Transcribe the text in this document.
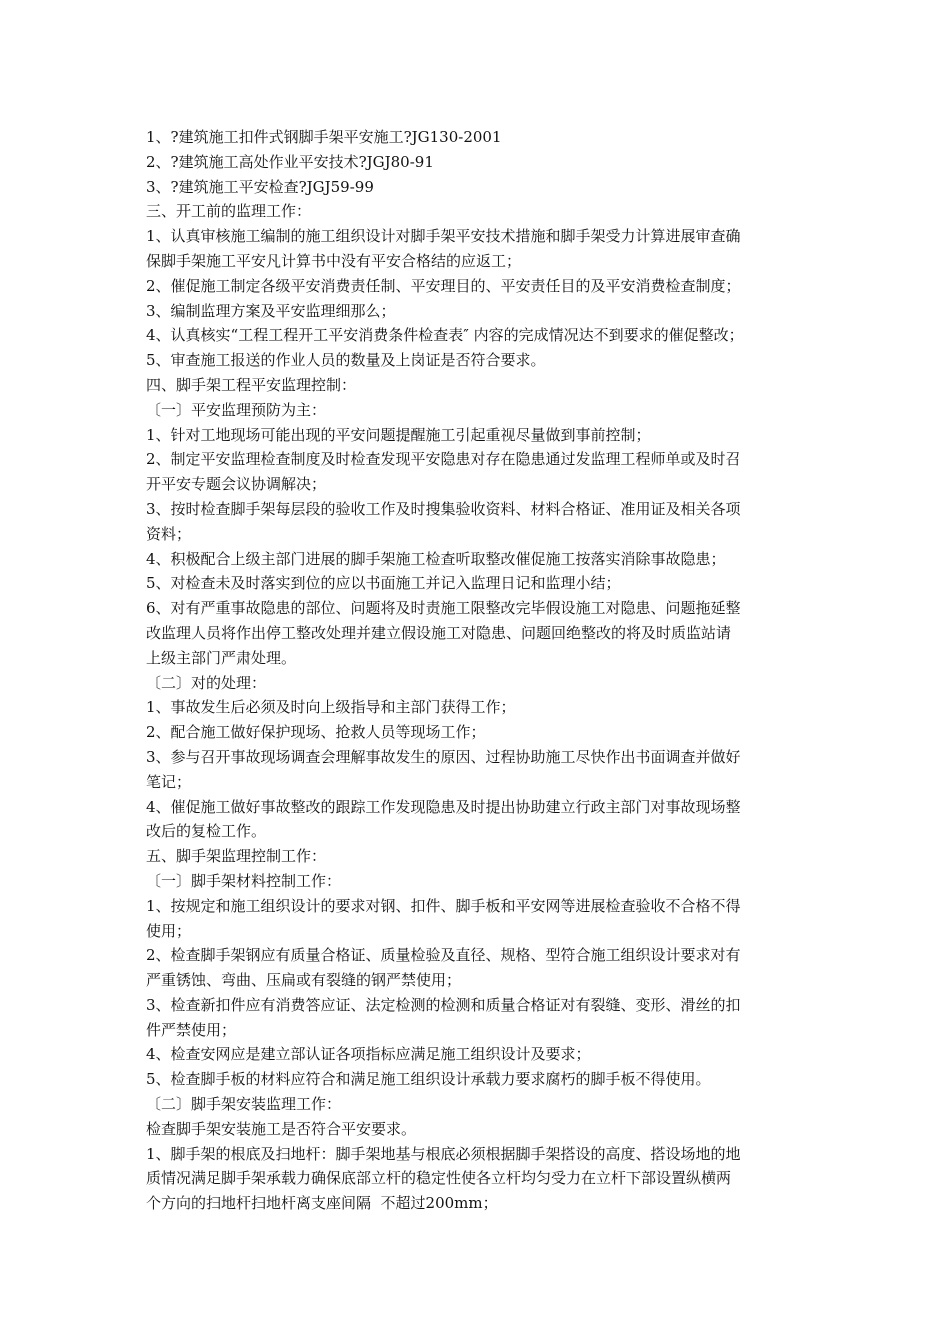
1、?建筑施工扣件式钢脚手架平安施工?JG130-2001

2、?建筑施工高处作业平安技术?JGJ80-91

3、?建筑施工平安检查?JGJ59-99

三、开工前的监理工作：

1、认真审核施工编制的施工组织设计对脚手架平安技术措施和脚手架受力计算进展审查确

保脚手架施工平安凡计算书中没有平安合格结的应返工；

2、催促施工制定各级平安消费责任制、平安理目的、平安责任目的及平安消费检查制度；

3、编制监理方案及平安监理细那么；

4、认真核实“工程工程开工平安消费条件检查表″ 内容的完成情况达不到要求的催促整改；

5、审查施工报送的作业人员的数量及上岗证是否符合要求。

四、脚手架工程平安监理控制：

〔一〕平安监理预防为主：

1、针对工地现场可能出现的平安问题提醒施工引起重视尽量做到事前控制；

2、制定平安监理检查制度及时检查发现平安隐患对存在隐患通过发监理工程师单或及时召

开平安专题会议协调解决；

3、按时检查脚手架每层段的验收工作及时搜集验收资料、材料合格证、准用证及相关各项

资料；

4、积极配合上级主部门进展的脚手架施工检查听取整改催促施工按落实消除事故隐患；

5、对检查未及时落实到位的应以书面施工并记入监理日记和监理小结；

6、对有严重事故隐患的部位、问题将及时责施工限整改完毕假设施工对隐患、问题拖延整

改监理人员将作出停工整改处理并建立假设施工对隐患、问题回绝整改的将及时质监站请

上级主部门严肃处理。

〔二〕对的处理：

1、事故发生后必须及时向上级指导和主部门获得工作；

2、配合施工做好保护现场、抢救人员等现场工作；

3、参与召开事故现场调查会理解事故发生的原因、过程协助施工尽快作出书面调查并做好

笔记；

4、催促施工做好事故整改的跟踪工作发现隐患及时提出协助建立行政主部门对事故现场整

改后的复检工作。

五、脚手架监理控制工作：

〔一〕脚手架材料控制工作：

1、按规定和施工组织设计的要求对钢、扣件、脚手板和平安网等进展检查验收不合格不得

使用；

2、检查脚手架钢应有质量合格证、质量检验及直径、规格、型符合施工组织设计要求对有

严重锈蚀、弯曲、压扁或有裂缝的钢严禁使用；

3、检查新扣件应有消费答应证、法定检测的检测和质量合格证对有裂缝、变形、滑丝的扣

件严禁使用；

4、检查安网应是建立部认证各项指标应满足施工组织设计及要求；

5、检查脚手板的材料应符合和满足施工组织设计承载力要求腐朽的脚手板不得使用。

〔二〕脚手架安装监理工作：

检查脚手架安装施工是否符合平安要求。

1、脚手架的根底及扫地杆：脚手架地基与根底必须根据脚手架搭设的高度、搭设场地的地

质情况满足脚手架承载力确保底部立杆的稳定性使各立杆均匀受力在立杆下部设置纵横两

个方向的扫地杆扫地杆离支座间隔  不超过200mm；
